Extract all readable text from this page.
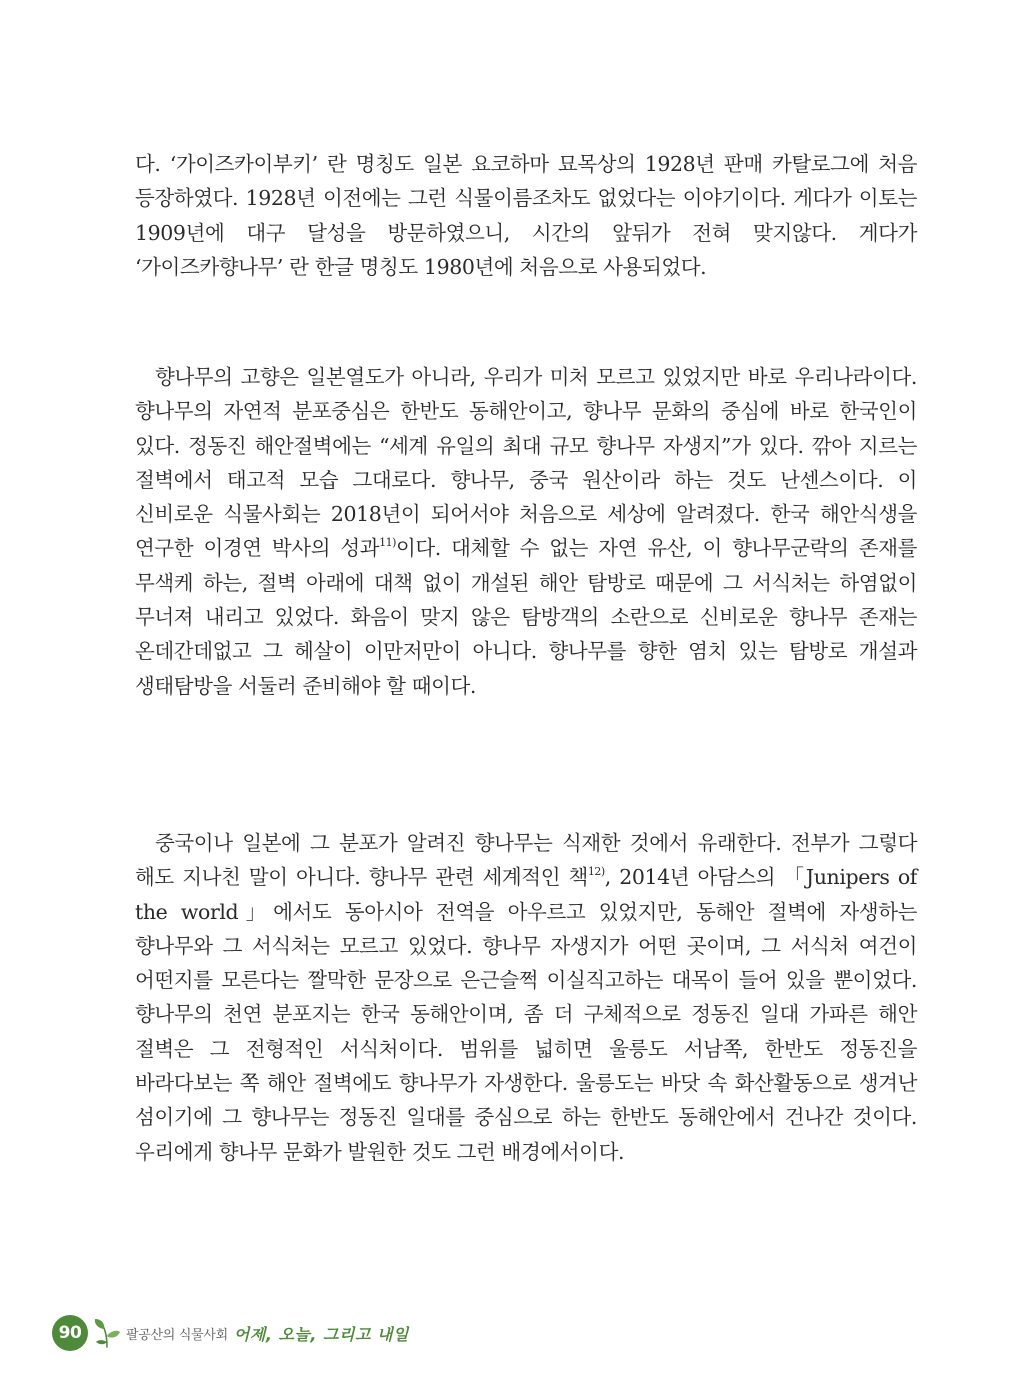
다. ‘가이즈카이부키’ 란 명칭도 일본 요코하마 묘목상의 1928년 판매 카탈로그에 처음 등장하였다. 1928년 이전에는 그런 식물이름조차도 없었다는 이야기이다. 게다가 이토는 1909년에 대구 달성을 방문하였으니, 시간의 앞뒤가 전혀 맞지않다. 게다가 ‘가이즈카향나무’ 란 한글 명칭도 1980년에 처음으로 사용되었다.

향나무의 고향은 일본열도가 아니라, 우리가 미처 모르고 있었지만 바로 우리나라이다. 향나무의 자연적 분포중심은 한반도 동해안이고, 향나무 문화의 중심에 바로 한국인이 있다. 정동진 해안절벽에는 “세계 유일의 최대 규모 향나무 자생지”가 있다. 깎아 지르는 절벽에서 태고적 모습 그대로다. 향나무, 중국 원산이라 하는 것도 난센스이다. 이 신비로운 식물사회는 2018년이 되어서야 처음으로 세상에 알려졌다. 한국 해안식생을 연구한 이경연 박사의 성과$^{11)}$이다. 대체할 수 없는 자연 유산, 이 향나무군락의 존재를 무색케 하는, 절벽 아래에 대책 없이 개설된 해안 탐방로 때문에 그 서식처는 하염없이 무너져 내리고 있었다. 화음이 맞지 않은 탐방객의 소란으로 신비로운 향나무 존재는 온데간데없고 그 헤살이 이만저만이 아니다. 향나무를 향한 염치 있는 탐방로 개설과 생태탐방을 서둘러 준비해야 할 때이다.

중국이나 일본에 그 분포가 알려진 향나무는 식재한 것에서 유래한다. 전부가 그렇다 해도 지나친 말이 아니다. 향나무 관련 세계적인 책$^{12)}$, 2014년 아담스의 「Junipers of the world」에서도 동아시아 전역을 아우르고 있었지만, 동해안 절벽에 자생하는 향나무와 그 서식처는 모르고 있었다. 향나무 자생지가 어떤 곳이며, 그 서식처 여건이 어떤지를 모른다는 짤막한 문장으로 은근슬쩍 이실직고하는 대목이 들어 있을 뿐이었다. 향나무의 천연 분포지는 한국 동해안이며, 좀 더 구체적으로 정동진 일대 가파른 해안 절벽은 그 전형적인 서식처이다. 범위를 넓히면 울릉도 서남쪽, 한반도 정동진을 바라다보는 쪽 해안 절벽에도 향나무가 자생한다. 울릉도는 바닷 속 화산활동으로 생겨난 섬이기에 그 향나무는 정동진 일대를 중심으로 하는 한반도 동해안에서 건나간 것이다. 우리에게 향나무 문화가 발원한 것도 그런 배경에서이다.

90	팔공산의 식물사회 어제, 오늘, 그리고 내일
